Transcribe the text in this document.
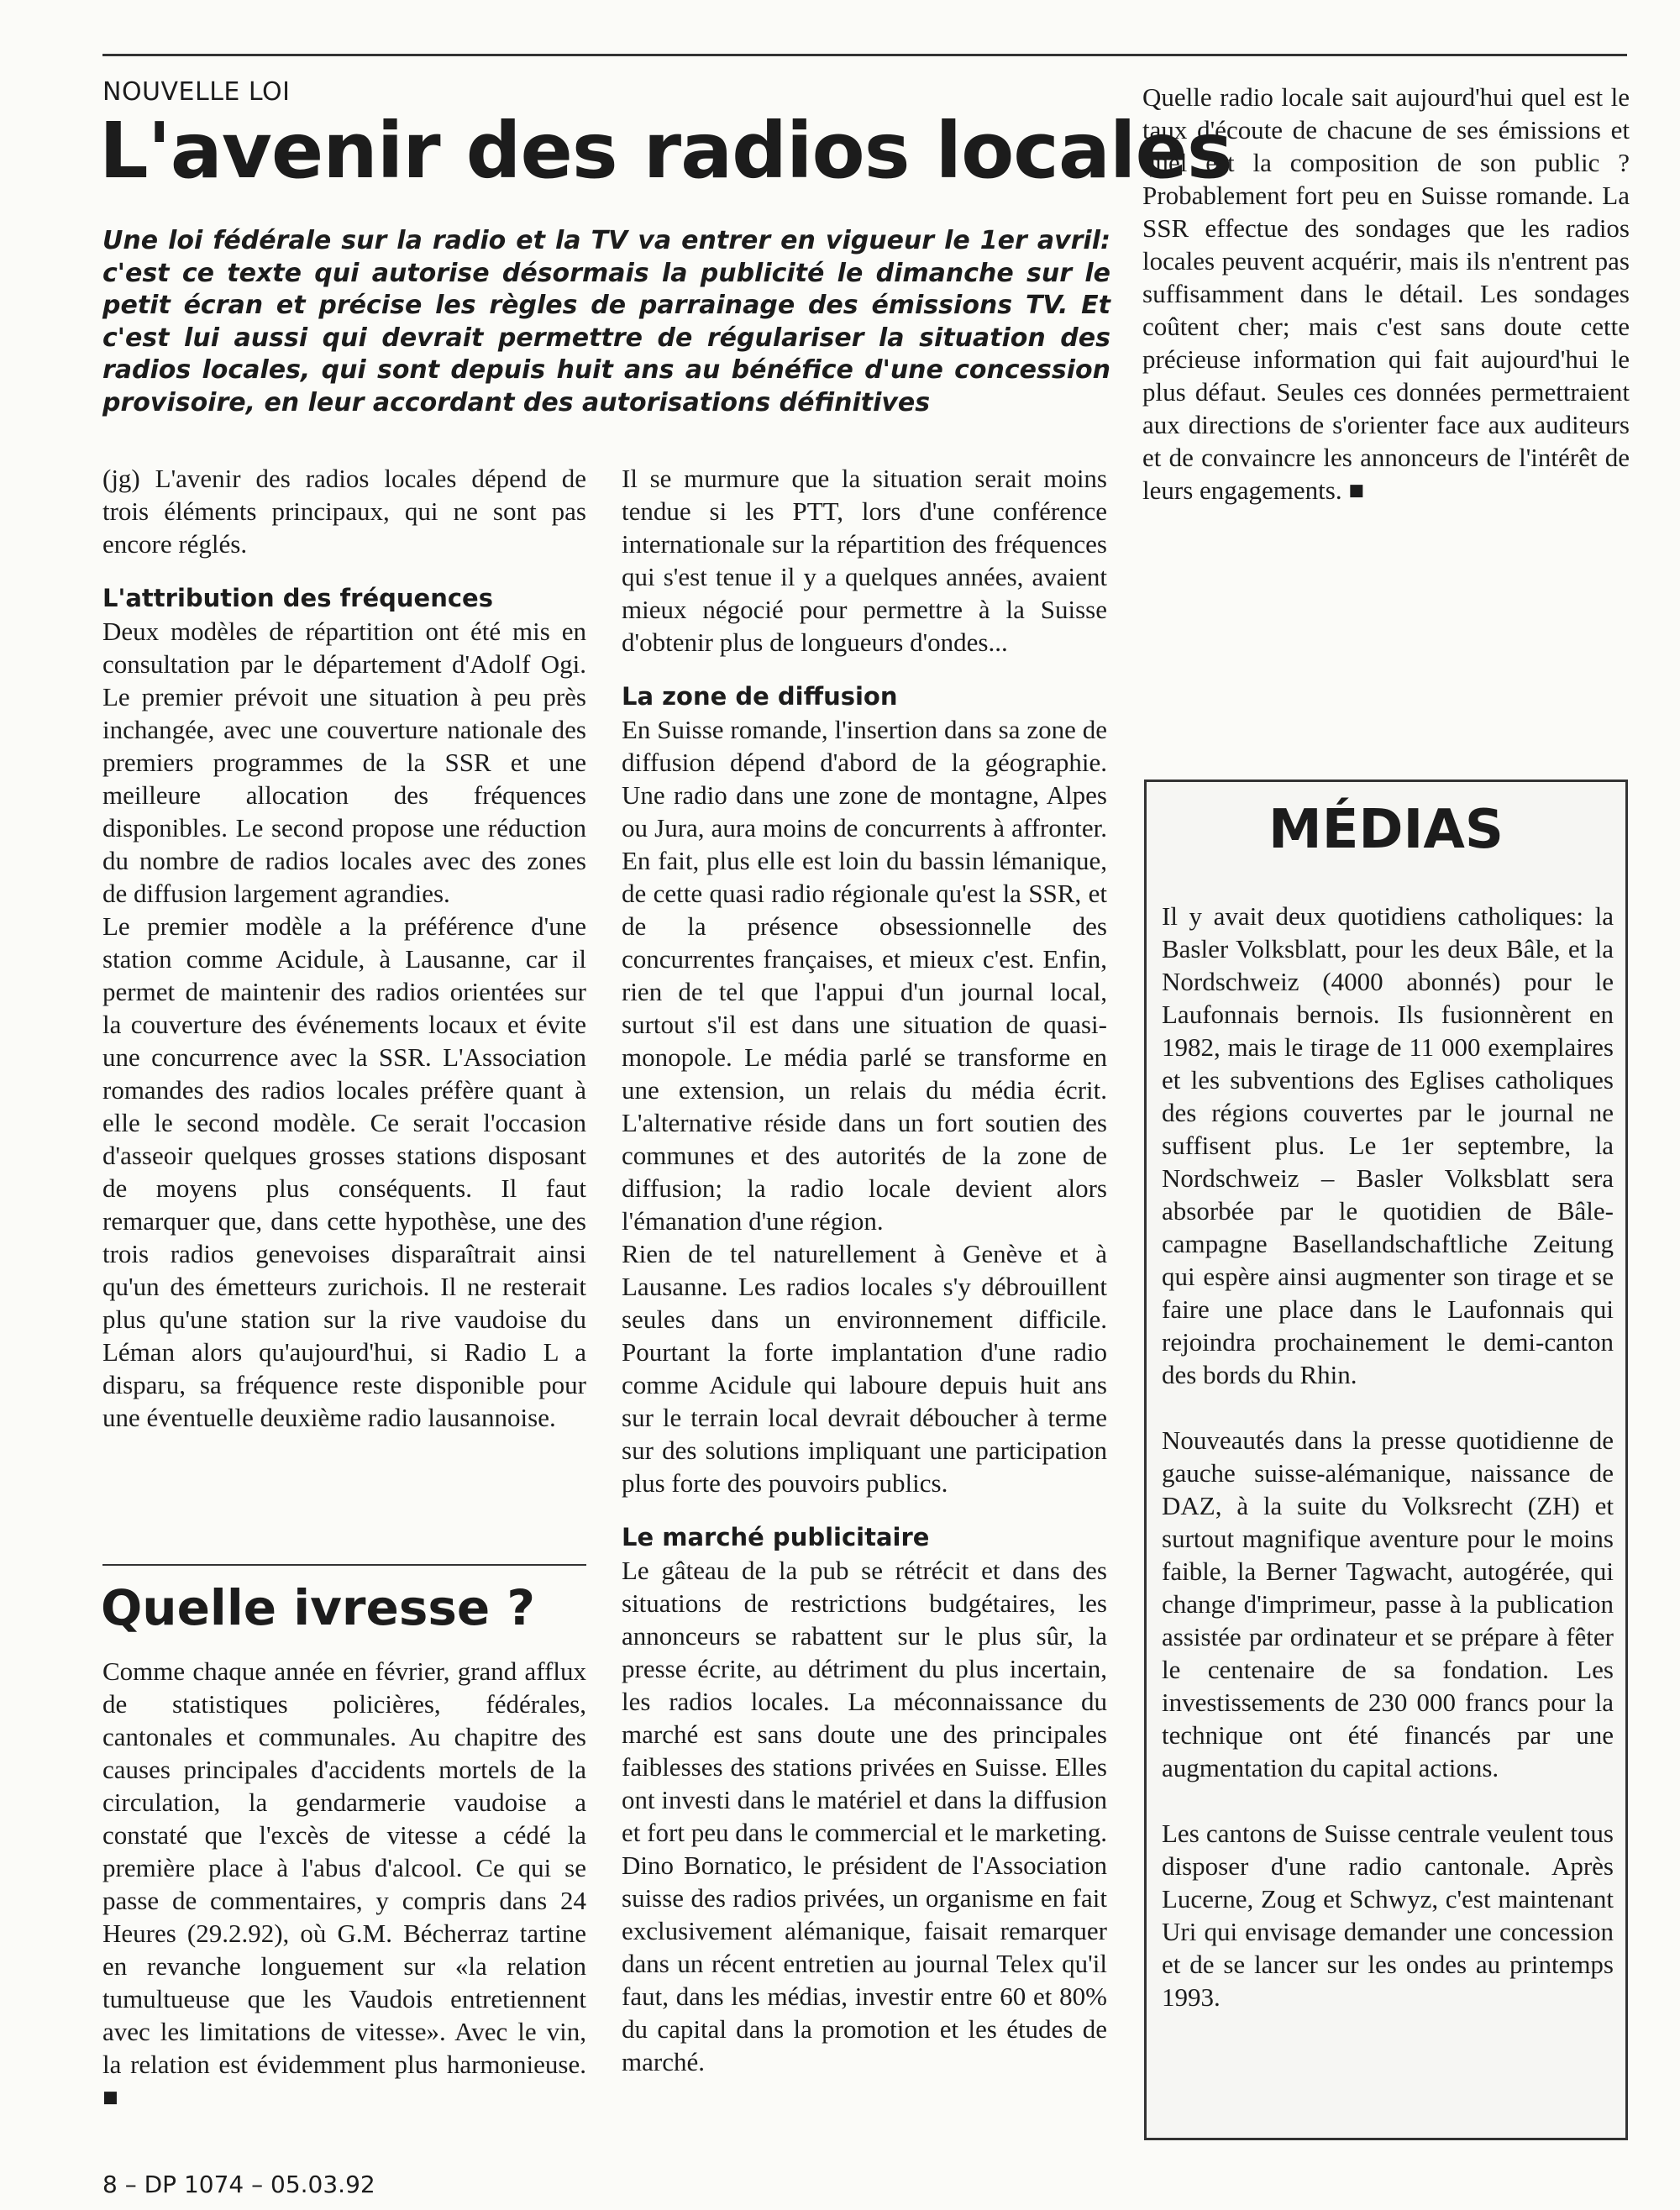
NOUVELLE LOI
L'avenir des radios locales

Une loi fédérale sur la radio et la TV va entrer en vigueur le 1er avril: c'est ce texte qui autorise désormais la publicité le dimanche sur le petit écran et précise les règles de parrainage des émissions TV. Et c'est lui aussi qui devrait permettre de régulariser la situation des radios locales, qui sont depuis huit ans au bénéfice d'une concession provisoire, en leur accordant des autorisations définitives

(jg) L'avenir des radios locales dépend de trois éléments principaux, qui ne sont pas encore réglés.

L'attribution des fréquences

Deux modèles de répartition ont été mis en consultation par le département d'Adolf Ogi. Le premier prévoit une situation à peu près inchangée, avec une couverture nationale des premiers programmes de la SSR et une meilleure allocation des fréquences disponibles. Le second propose une réduction du nombre de radios locales avec des zones de diffusion largement agrandies.

Le premier modèle a la préférence d'une station comme Acidule, à Lausanne, car il permet de maintenir des radios orientées sur la couverture des événements locaux et évite une concurrence avec la SSR. L'Association romandes des radios locales préfère quant à elle le second modèle. Ce serait l'occasion d'asseoir quelques grosses stations disposant de moyens plus conséquents. Il faut remarquer que, dans cette hypothèse, une des trois radios genevoises disparaîtrait ainsi qu'un des émetteurs zurichois. Il ne resterait plus qu'une station sur la rive vaudoise du Léman alors qu'aujourd'hui, si Radio L a disparu, sa fréquence reste disponible pour une éventuelle deuxième radio lausannoise.

Il se murmure que la situation serait moins tendue si les PTT, lors d'une conférence internationale sur la répartition des fréquences qui s'est tenue il y a quelques années, avaient mieux négocié pour permettre à la Suisse d'obtenir plus de longueurs d'ondes...

La zone de diffusion

En Suisse romande, l'insertion dans sa zone de diffusion dépend d'abord de la géographie. Une radio dans une zone de montagne, Alpes ou Jura, aura moins de concurrents à affronter. En fait, plus elle est loin du bassin lémanique, de cette quasi radio régionale qu'est la SSR, et de la présence obsessionnelle des concurrentes françaises, et mieux c'est. Enfin, rien de tel que l'appui d'un journal local, surtout s'il est dans une situation de quasi-monopole. Le média parlé se transforme en une extension, un relais du média écrit. L'alternative réside dans un fort soutien des communes et des autorités de la zone de diffusion; la radio locale devient alors l'émanation d'une région.

Rien de tel naturellement à Genève et à Lausanne. Les radios locales s'y débrouillent seules dans un environnement difficile. Pourtant la forte implantation d'une radio comme Acidule qui laboure depuis huit ans sur le terrain local devrait déboucher à terme sur des solutions impliquant une participation plus forte des pouvoirs publics.

Le marché publicitaire

Le gâteau de la pub se rétrécit et dans des situations de restrictions budgétaires, les annonceurs se rabattent sur le plus sûr, la presse écrite, au détriment du plus incertain, les radios locales. La méconnaissance du marché est sans doute une des principales faiblesses des stations privées en Suisse. Elles ont investi dans le matériel et dans la diffusion et fort peu dans le commercial et le marketing. Dino Bornatico, le président de l'Association suisse des radios privées, un organisme en fait exclusivement alémanique, faisait remarquer dans un récent entretien au journal Telex qu'il faut, dans les médias, investir entre 60 et 80% du capital dans la promotion et les études de marché.

Quelle radio locale sait aujourd'hui quel est le taux d'écoute de chacune de ses émissions et quel est la composition de son public ? Probablement fort peu en Suisse romande. La SSR effectue des sondages que les radios locales peuvent acquérir, mais ils n'entrent pas suffisamment dans le détail. Les sondages coûtent cher; mais c'est sans doute cette précieuse information qui fait aujourd'hui le plus défaut. Seules ces données permettraient aux directions de s'orienter face aux auditeurs et de convaincre les annonceurs de l'intérêt de leurs engagements. ■

Quelle ivresse ?

Comme chaque année en février, grand afflux de statistiques policières, fédérales, cantonales et communales. Au chapitre des causes principales d'accidents mortels de la circulation, la gendarmerie vaudoise a constaté que l'excès de vitesse a cédé la première place à l'abus d'alcool. Ce qui se passe de commentaires, y compris dans 24 Heures (29.2.92), où G.M. Bécherraz tartine en revanche longuement sur «la relation tumultueuse que les Vaudois entretiennent avec les limitations de vitesse». Avec le vin, la relation est évidemment plus harmonieuse. ■

MÉDIAS

Il y avait deux quotidiens catholiques: la Basler Volksblatt, pour les deux Bâle, et la Nordschweiz (4000 abonnés) pour le Laufonnais bernois. Ils fusionnèrent en 1982, mais le tirage de 11 000 exemplaires et les subventions des Eglises catholiques des régions couvertes par le journal ne suffisent plus. Le 1er septembre, la Nordschweiz – Basler Volksblatt sera absorbée par le quotidien de Bâle-campagne Basellandschaftliche Zeitung qui espère ainsi augmenter son tirage et se faire une place dans le Laufonnais qui rejoindra prochainement le demi-canton des bords du Rhin.

Nouveautés dans la presse quotidienne de gauche suisse-alémanique, naissance de DAZ, à la suite du Volksrecht (ZH) et surtout magnifique aventure pour le moins faible, la Berner Tagwacht, autogérée, qui change d'imprimeur, passe à la publication assistée par ordinateur et se prépare à fêter le centenaire de sa fondation. Les investissements de 230 000 francs pour la technique ont été financés par une augmentation du capital actions.

Les cantons de Suisse centrale veulent tous disposer d'une radio cantonale. Après Lucerne, Zoug et Schwyz, c'est maintenant Uri qui envisage demander une concession et de se lancer sur les ondes au printemps 1993.

8 – DP 1074 – 05.03.92
